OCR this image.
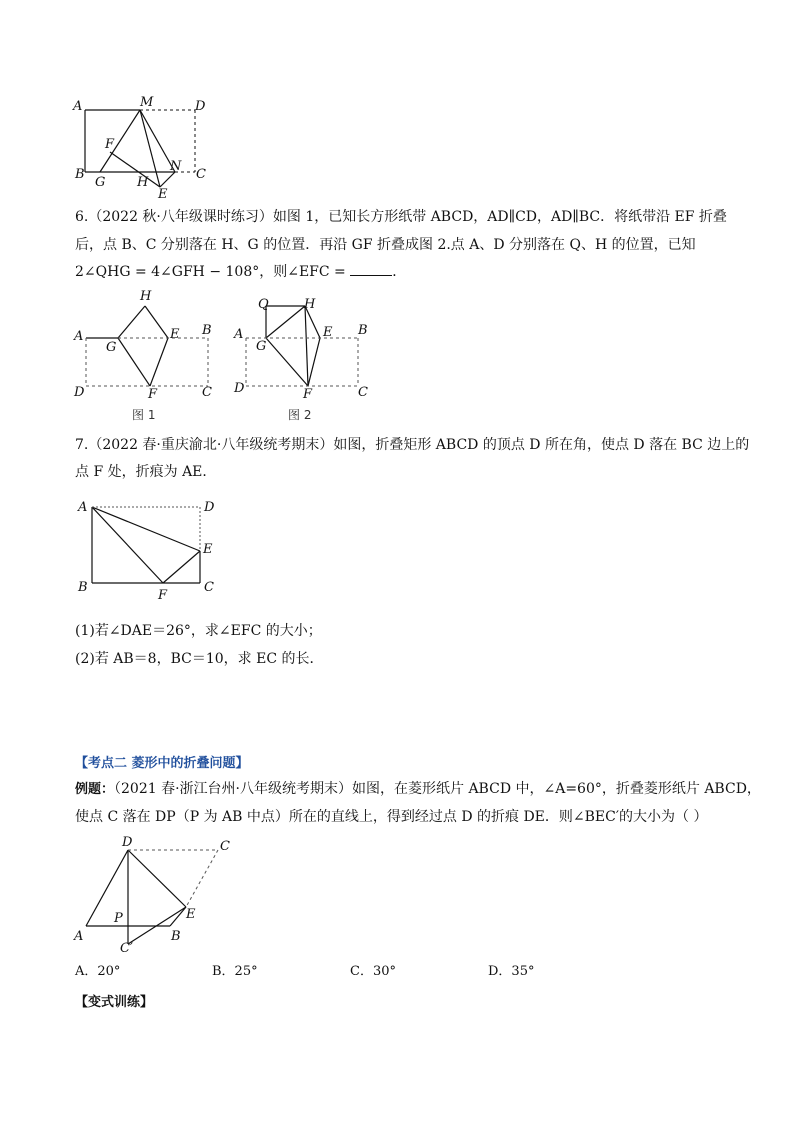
A	M	D
F
B
G H
N
C
E
6.（2022 秋·八年级课时练习）如图 1，已知长方形纸带 ABCD，AD∥CD，AD∥BC．将纸带沿 EF 折叠
后，点 B、C 分别落在 H、G 的位置．再沿 GF 折叠成图 2.点 A、D 分别落在 Q、H 的位置，已知
2∠QHG = 4∠GFH − 108°，则∠EFC =	．
H
A
G
E B
D	F	C
图 1
Q	H
A
G
E B
D	F	C
图 2
7.（2022 春·重庆渝北·八年级统考期末）如图，折叠矩形 ABCD 的顶点 D 所在角，使点 D 落在 BC 边上的
点 F 处，折痕为 AE．
A	D
E
B
F
C
(1)若∠DAE＝26°，求∠EFC 的大小；
(2)若 AB＝8，BC＝10，求 EC 的长．
【考点二 菱形中的折叠问题】
例题：（2021 春·浙江台州·八年级统考期末）如图，在菱形纸片 ABCD 中，∠A=60°，折叠菱形纸片 ABCD，
使点 C 落在 DP（P 为 AB 中点）所在的直线上，得到经过点 D 的折痕 DE．则∠BEC′的大小为（ ）
D	C
P	E
A	B
C′
A．20°	B．25°	C．30°	D．35°
【变式训练】
